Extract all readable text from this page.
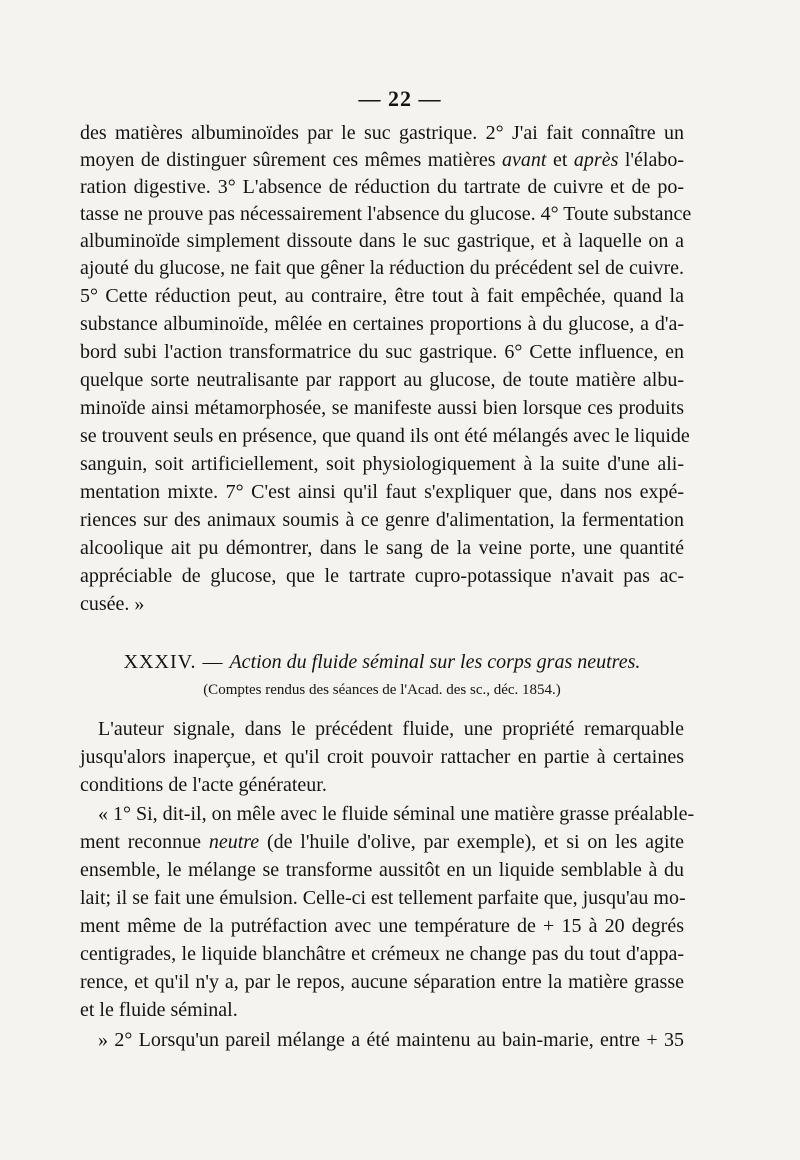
— 22 —
des matières albuminoïdes par le suc gastrique. 2° J'ai fait connaître un
moyen de distinguer sûrement ces mêmes matières avant et après l'élabo-
ration digestive. 3° L'absence de réduction du tartrate de cuivre et de po-
tasse ne prouve pas nécessairement l'absence du glucose. 4° Toute substance
albuminoïde simplement dissoute dans le suc gastrique, et à laquelle on a
ajouté du glucose, ne fait que gêner la réduction du précédent sel de cuivre.
5° Cette réduction peut, au contraire, être tout à fait empêchée, quand la
substance albuminoïde, mêlée en certaines proportions à du glucose, a d'a-
bord subi l'action transformatrice du suc gastrique. 6° Cette influence, en
quelque sorte neutralisante par rapport au glucose, de toute matière albu-
minoïde ainsi métamorphosée, se manifeste aussi bien lorsque ces produits
se trouvent seuls en présence, que quand ils ont été mélangés avec le liquide
sanguin, soit artificiellement, soit physiologiquement à la suite d'une ali-
mentation mixte. 7° C'est ainsi qu'il faut s'expliquer que, dans nos expé-
riences sur des animaux soumis à ce genre d'alimentation, la fermentation
alcoolique ait pu démontrer, dans le sang de la veine porte, une quantité
appréciable de glucose, que le tartrate cupro-potassique n'avait pas ac-
cusée. »
XXXIV. — Action du fluide séminal sur les corps gras neutres.
(Comptes rendus des séances de l'Acad. des sc., déc. 1854.)
L'auteur signale, dans le précédent fluide, une propriété remarquable
jusqu'alors inaperçue, et qu'il croit pouvoir rattacher en partie à certaines
conditions de l'acte générateur.
« 1° Si, dit-il, on mêle avec le fluide séminal une matière grasse préalable-
ment reconnue neutre (de l'huile d'olive, par exemple), et si on les agite
ensemble, le mélange se transforme aussitôt en un liquide semblable à du
lait; il se fait une émulsion. Celle-ci est tellement parfaite que, jusqu'au mo-
ment même de la putréfaction avec une température de + 15 à 20 degrés
centigrades, le liquide blanchâtre et crémeux ne change pas du tout d'appa-
rence, et qu'il n'y a, par le repos, aucune séparation entre la matière grasse
et le fluide séminal.
» 2° Lorsqu'un pareil mélange a été maintenu au bain-marie, entre + 35
